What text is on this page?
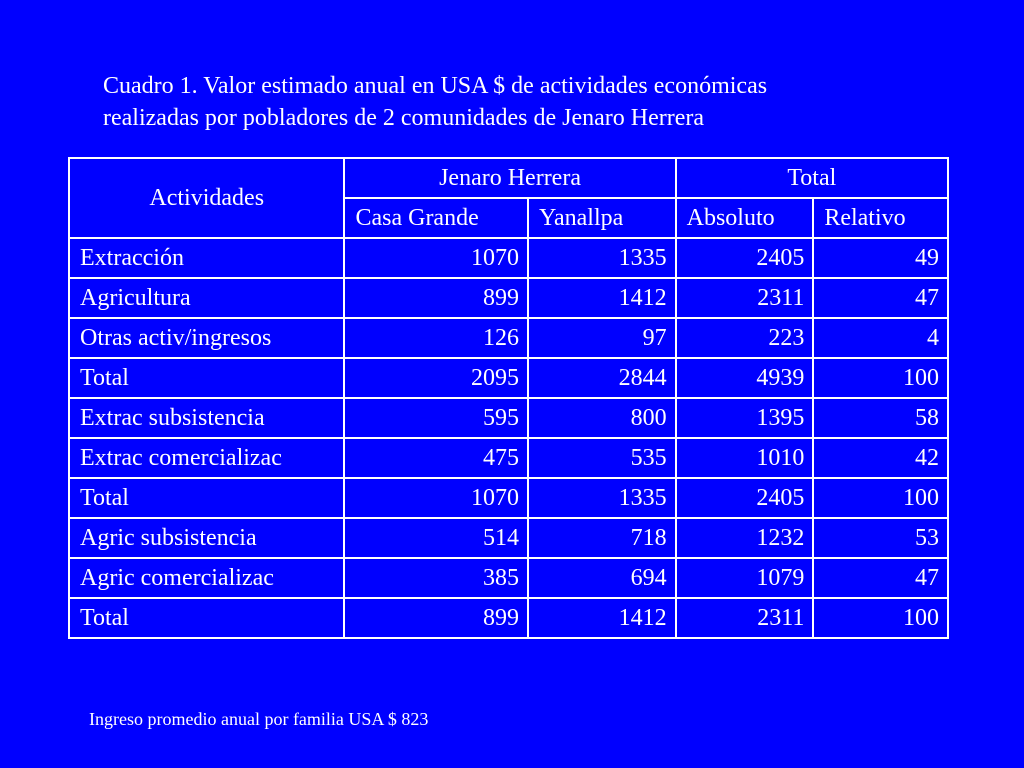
Cuadro 1. Valor estimado anual en USA $ de actividades económicas
realizadas por pobladores de 2 comunidades de Jenaro Herrera
Actividades	Jenaro Herrera		Total	
	Casa Grande	Yanallpa	Absoluto	Relativo
Extracción	1070	1335	2405	49
Agricultura	899	1412	2311	47
Otras activ/ingresos	126	97	223	4
Total	2095	2844	4939	100
Extrac subsistencia	595	800	1395	58
Extrac comercializac	475	535	1010	42
Total	1070	1335	2405	100
Agric subsistencia	514	718	1232	53
Agric comercializac	385	694	1079	47
Total	899	1412	2311	100
Ingreso promedio anual por familia USA $ 823
